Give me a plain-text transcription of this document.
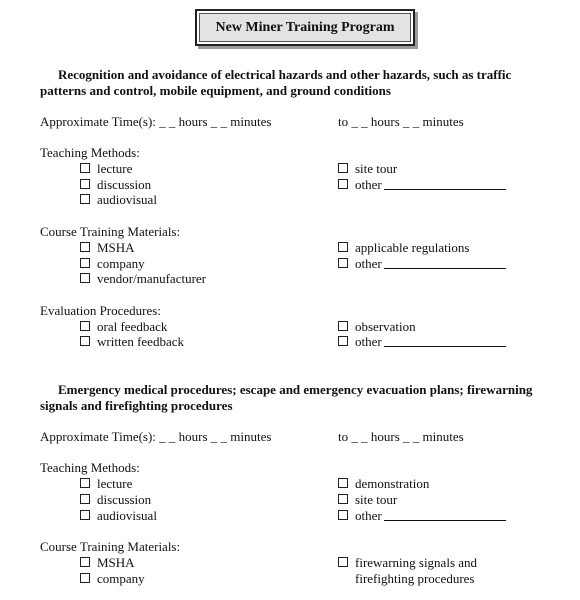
New Miner Training Program
Recognition and avoidance of electrical hazards and other hazards, such as traffic
patterns and control, mobile equipment, and ground conditions
Approximate Time(s): _ _ hours _ _ minutes	to _ _ hours _ _ minutes
Teaching Methods:
lecture
discussion
audiovisual
site tour
other
Course Training Materials:
MSHA
company
vendor/manufacturer
applicable regulations
other
Evaluation Procedures:
oral feedback
written feedback
observation
other
Emergency medical procedures; escape and emergency evacuation plans; firewarning
signals and firefighting procedures
Approximate Time(s): _ _ hours _ _ minutes	to _ _ hours _ _ minutes
Teaching Methods:
lecture
discussion
audiovisual
demonstration
site tour
other
Course Training Materials:
MSHA
company
firewarning signals and
firefighting procedures
